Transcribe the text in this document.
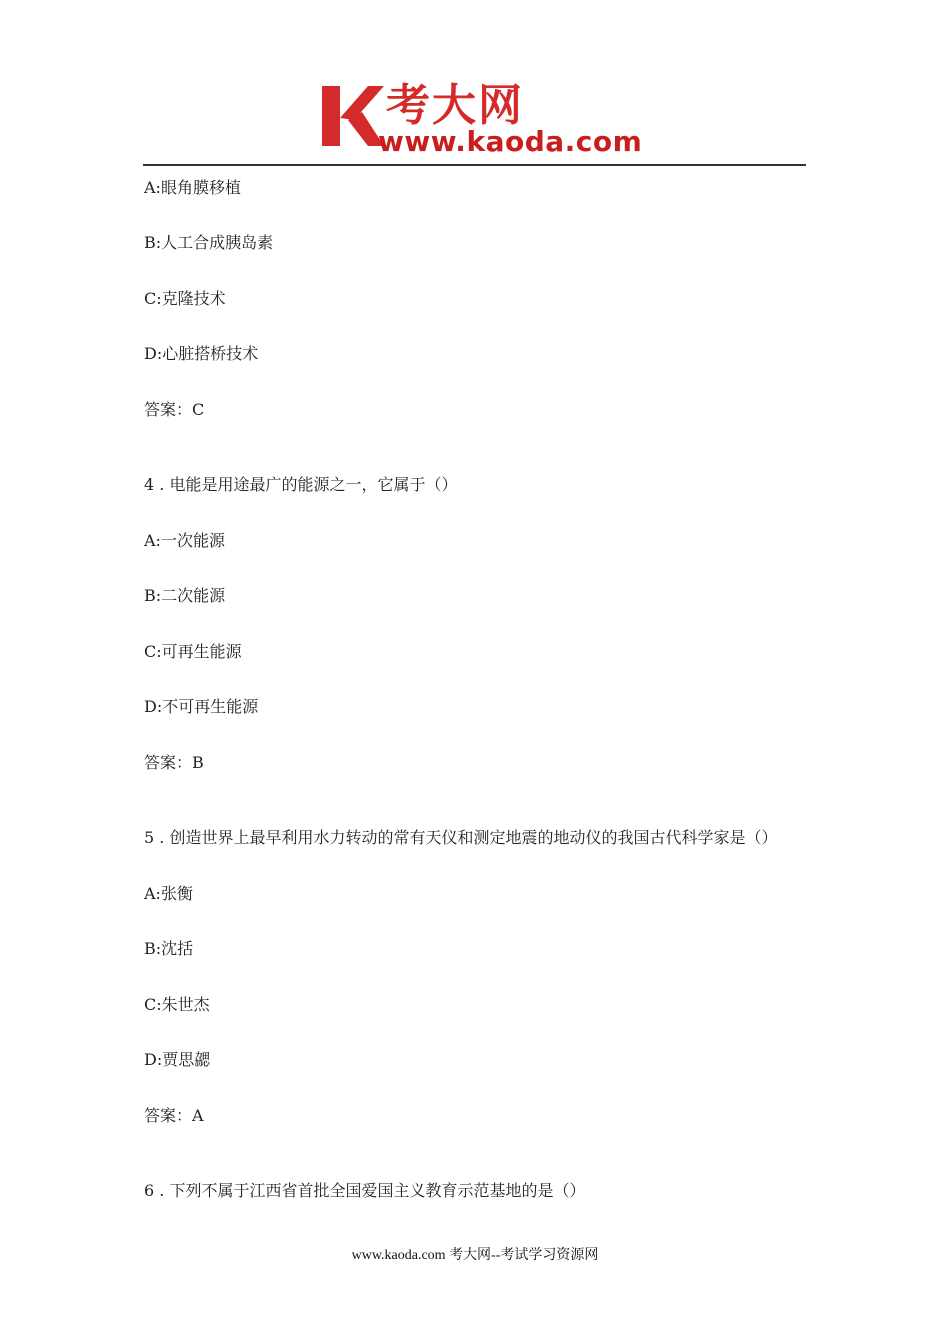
考大网
www.kaoda.com
A:眼角膜移植
B:人工合成胰岛素
C:克隆技术
D:心脏搭桥技术
答案：C
4 . 电能是用途最广的能源之一，它属于（）
A:一次能源
B:二次能源
C:可再生能源
D:不可再生能源
答案：B
5 . 创造世界上最早利用水力转动的常有天仪和测定地震的地动仪的我国古代科学家是（）
A:张衡
B:沈括
C:朱世杰
D:贾思勰
答案：A
6 . 下列不属于江西省首批全国爱国主义教育示范基地的是（）
www.kaoda.com 考大网--考试学习资源网
